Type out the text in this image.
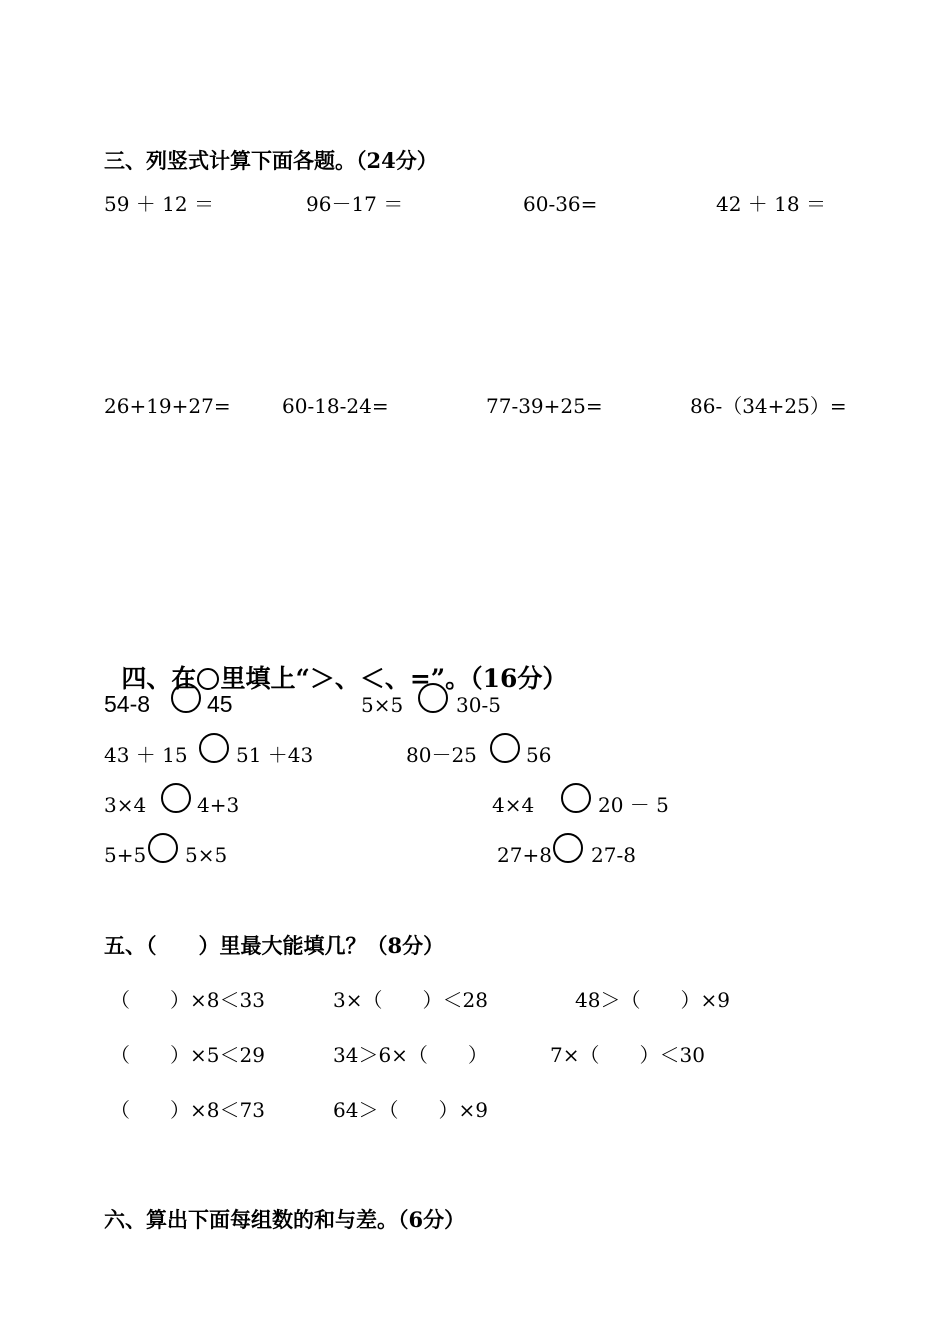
三、列竖式计算下面各题。（24分）
59 ＋ 12 ＝	96－17 ＝	60-36=	42 ＋ 18 ＝
26+19+27=	60-18-24=	77-39+25=	86-（34+25）=

四、在 里填上“＞、＜、=”。（16分）

54-8 45	5×5	30-5
43 ＋ 15 51 ＋43	80－25 56
3×4	4+3	4×4	20 － 5
5+5 5×5	27+8 27-8
五、（　　）里最大能填几？（8分）
（　　）×8＜33	3×（　　）＜28	48＞（　　）×9
（　　）×5＜29	34＞6×（　　）	7×（　　）＜30
（　　）×8＜73	64＞（　　）×9
六、算出下面每组数的和与差。（6分）
